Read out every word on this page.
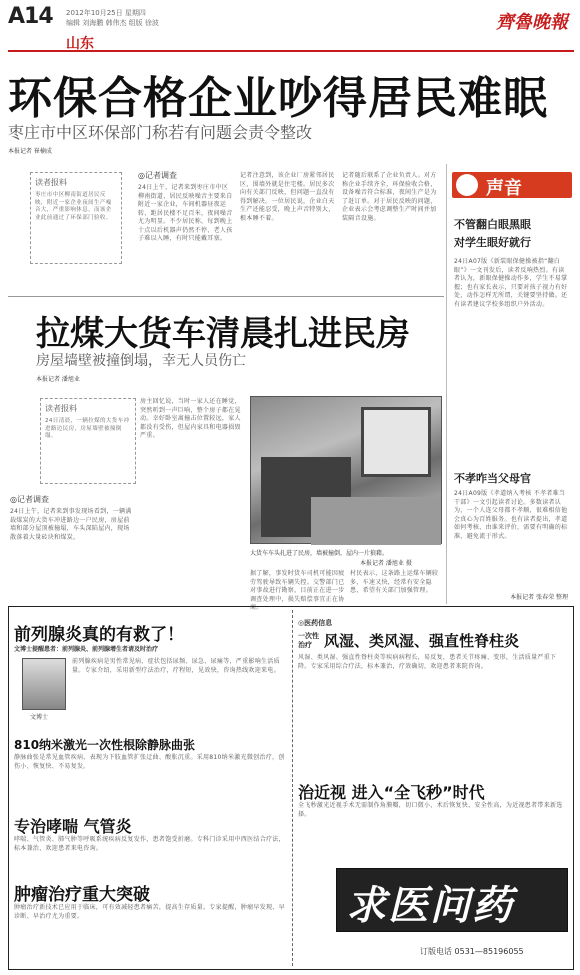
A14 2012年10月25日 星期四
编辑 刘海鹏 韩伟杰 组版 徐波
山东
齊魯晚報
环保合格企业吵得居民难眠
枣庄市中区环保部门称若有问题会责令整改
本报记者 崔楠成
读者报料
枣庄市中区柳南街道居民反映，附近一家企业夜间生产噪音大，严重影响休息，而该企业此前通过了环保部门验收。
◎记者调查
24日上午，记者来到枣庄市中区柳南街道，居民反映噪音主要来自附近一家企业，车间机器昼夜运转，距居民楼不足百米，夜间噪音尤为明显。不少居民称，每到晚上十点以后机器声仍然不停，老人孩子难以入睡，有时只能戴耳塞。
记者注意到，该企业厂房紧邻居民区，围墙外就是住宅楼。居民多次向有关部门反映，但问题一直没有得到解决。一位居民说，企业白天生产还能忍受，晚上声音特别大，根本睡不着。
记者随后联系了企业负责人。对方称企业手续齐全，环保验收合格，设备噪音符合标准，夜间生产是为了赶订单。对于居民反映的问题，企业表示会考虑调整生产时间并加装隔音设施。
声音
不管翻白眼黑眼
对学生眼好就行
24日A07版《新装眼保健操被指“翻白眼”》一文刊发后，读者反响热烈。有读者认为，新眼保健操动作多，学生不易掌握；也有家长表示，只要对孩子视力有好处，动作怎样无所谓，关键要坚持做。还有读者建议学校多组织户外活动。
不孝咋当父母官
24日A09版《孝道纳入考核 不孝者难当干部》一文引起读者讨论。多数读者认为，一个人连父母都不孝顺，很难相信他会真心为百姓服务。也有读者提出，孝道如何考核、由谁来评价，需要有明确的标准，避免流于形式。
本报记者 张春荣 整理
拉煤大货车清晨扎进民房
房屋墙壁被撞倒塌，幸无人员伤亡
本报记者 潘旭业
读者报料
24日清晨，一辆拉煤的大货车冲进路边民房，房屋墙壁被撞倒塌。
◎记者调查
24日上午，记者来到事发现场看到，一辆满载煤炭的大货车冲进路边一户民房，房屋前墙和部分屋顶被撞塌，车头深陷屋内，现场散落着大量砖块和煤炭。
房主回忆说，当时一家人还在睡觉，突然听到一声巨响，整个房子都在晃动。幸好卧室离撞击位置较远，家人都没有受伤，但屋内家具和电器损毁严重。
大货车车头扎进了民房，墙被撞倒，屋内一片狼藉。
本报记者 潘旭业 摄
据了解，事发时货车司机可能因疲劳驾驶导致车辆失控。交警部门已对事故进行勘察，目前正在进一步调查处理中，损失赔偿事宜正在协商。
村民表示，这条路上运煤车辆较多，车速又快，经常有安全隐患，希望有关部门加强管理。
前列腺炎真的有救了！
文博士提醒患者：前列腺炎、前列腺增生者请及时治疗
文博士
前列腺疾病是男性常见病，症状包括尿频、尿急、尿痛等，严重影响生活质量。专家介绍，采用新型疗法治疗，疗程短，见效快，咨询热线欢迎来电。
810纳米激光一次性根除静脉曲张
静脉曲张是常见血管疾病，表现为下肢血管扩张迂曲、酸胀沉重。采用810纳米激光微创治疗，创伤小、恢复快、不易复发。
专治哮喘 气管炎
哮喘、气管炎、肺气肿等呼吸系统疾病反复发作，患者饱受折磨。专科门诊采用中西医结合疗法，标本兼治，欢迎患者来电咨询。
肿瘤治疗重大突破
肿瘤治疗新技术已应用于临床，可有效减轻患者痛苦，提高生存质量。专家提醒，肿瘤早发现、早诊断、早治疗尤为重要。
◎医药信息
一次性治疗 风湿、类风湿、强直性脊柱炎
风湿、类风湿、强直性脊柱炎等疾病病程长，易反复，患者关节疼痛、变形，生活质量严重下降。专家采用综合疗法，标本兼治，疗效确切，欢迎患者来院咨询。
治近视 进入“全飞秒”时代
全飞秒激光近视手术无需制作角膜瓣，切口微小，术后恢复快，安全性高，为近视患者带来新选择。
求医问药
订版电话 0531—85196055
